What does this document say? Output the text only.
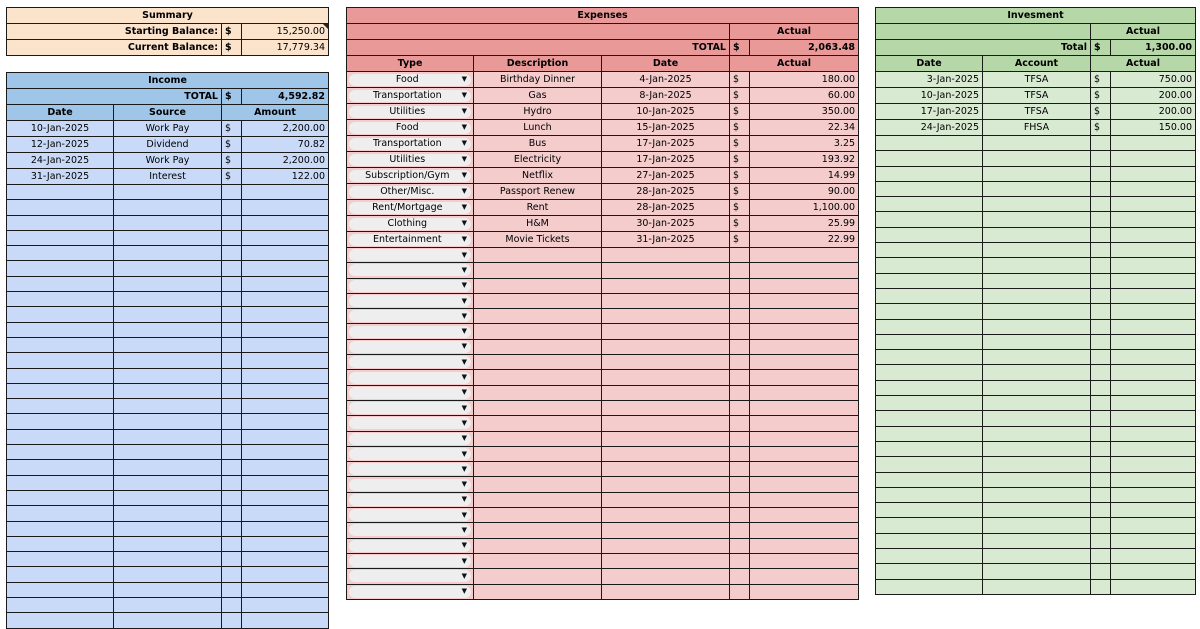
Summary		
Starting Balance:	$	15,250.00
Current Balance:	$	17,779.34
Income			
TOTAL		$	4,592.82
Date	Source	Amount	
10-Jan-2025	Work Pay	$	2,200.00
12-Jan-2025	Dividend	$	70.82
24-Jan-2025	Work Pay	$	2,200.00
31-Jan-2025	Interest	$	122.00

Expenses				
			Actual	
TOTAL			$	2,063.48
Type	Description	Date	Actual	

Food ▼	Birthday Dinner	4-Jan-2025	$	180.00

Transportation ▼	Gas	8-Jan-2025	$	60.00

Utilities ▼	Hydro	10-Jan-2025	$	350.00

Food ▼	Lunch	15-Jan-2025	$	22.34

Transportation ▼	Bus	17-Jan-2025	$	3.25

Utilities ▼	Electricity	17-Jan-2025	$	193.92

Subscription/Gym ▼	Netflix	27-Jan-2025	$	14.99

Other/Misc. ▼	Passport Renew	28-Jan-2025	$	90.00

Rent/Mortgage ▼	Rent	28-Jan-2025	$	1,100.00

Clothing ▼	H&M	30-Jan-2025	$	25.99

Entertainment ▼	Movie Tickets	31-Jan-2025	$	22.99

▼				

▼				

▼				

▼				

▼				

▼				

▼				

▼				

▼				

▼				

▼				

▼				

▼				

▼				

▼				

▼				

▼				

▼				

▼				

▼				

▼				

▼				

▼				

Invesment			
		Actual	
Total		$	1,300.00
Date	Account	Actual	
3-Jan-2025	TFSA	$	750.00
10-Jan-2025	TFSA	$	200.00
17-Jan-2025	TFSA	$	200.00
24-Jan-2025	FHSA	$	150.00
